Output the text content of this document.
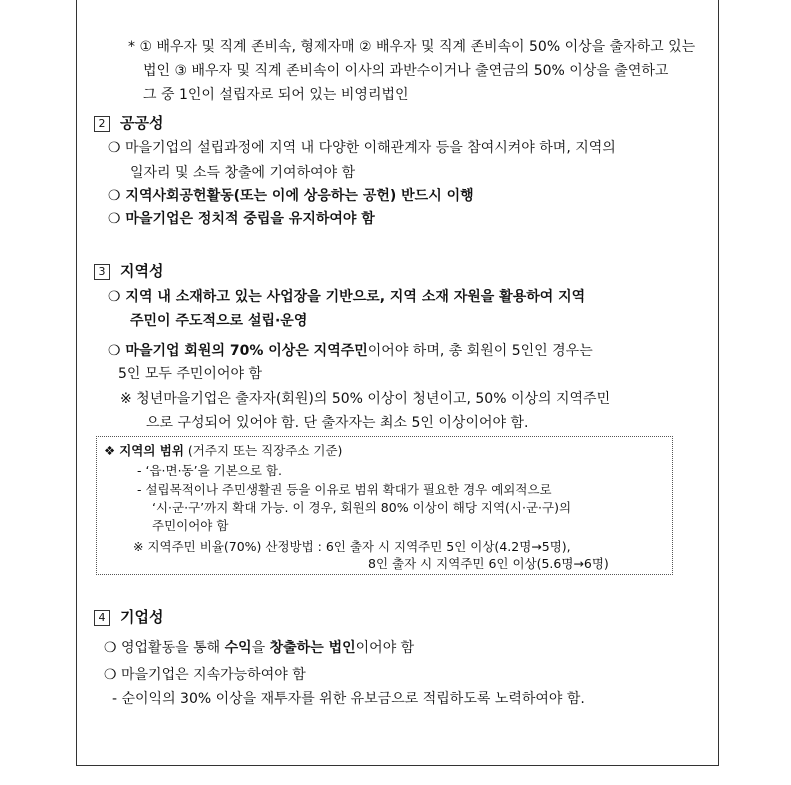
* ① 배우자 및 직계 존비속, 형제자매 ② 배우자 및 직계 존비속이 50% 이상을 출자하고 있는
법인 ③ 배우자 및 직계 존비속이 이사의 과반수이거나 출연금의 50% 이상을 출연하고
그 중 1인이 설립자로 되어 있는 비영리법인
2 공공성
❍ 마을기업의 설립과정에 지역 내 다양한 이해관계자 등을 참여시켜야 하며, 지역의
일자리 및 소득 창출에 기여하여야 함
❍ 지역사회공헌활동(또는 이에 상응하는 공헌) 반드시 이행
❍ 마을기업은 정치적 중립을 유지하여야 함
3 지역성
❍ 지역 내 소재하고 있는 사업장을 기반으로, 지역 소재 자원을 활용하여 지역
주민이 주도적으로 설립·운영
❍ 마을기업 회원의 70% 이상은 지역주민이어야 하며, 총 회원이 5인인 경우는
5인 모두 주민이어야 함
※ 청년마을기업은 출자자(회원)의 50% 이상이 청년이고, 50% 이상의 지역주민
으로 구성되어 있어야 함. 단 출자자는 최소 5인 이상이어야 함.
❖ 지역의 범위 (거주지 또는 직장주소 기준)
- ‘읍·면·동’을 기본으로 함.
- 설립목적이나 주민생활권 등을 이유로 범위 확대가 필요한 경우 예외적으로
‘시·군·구’까지 확대 가능. 이 경우, 회원의 80% 이상이 해당 지역(시·군·구)의
주민이어야 함
※ 지역주민 비율(70%) 산정방법 : 6인 출자 시 지역주민 5인 이상(4.2명→5명),
8인 출자 시 지역주민 6인 이상(5.6명→6명)
4 기업성
❍ 영업활동을 통해 수익을 창출하는 법인이어야 함
❍ 마을기업은 지속가능하여야 함
- 순이익의 30% 이상을 재투자를 위한 유보금으로 적립하도록 노력하여야 함.
